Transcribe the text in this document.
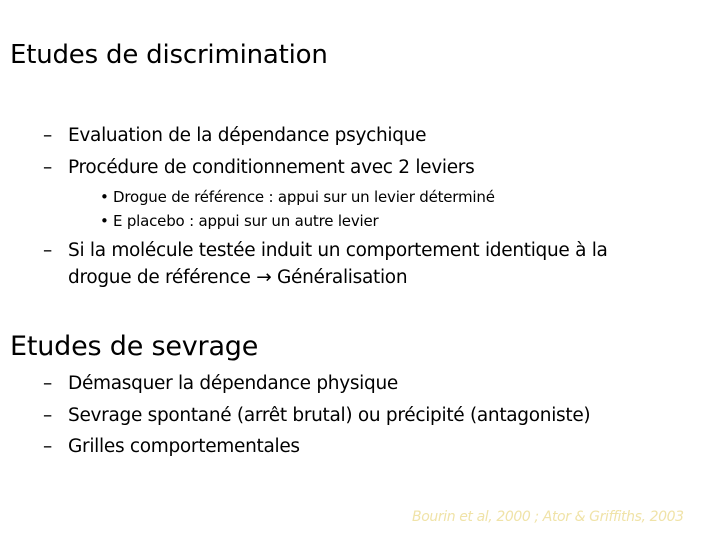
Etudes de discrimination
– Evaluation de la dépendance psychique
– Procédure de conditionnement avec 2 leviers
• Drogue de référence : appui sur un levier déterminé
• E placebo : appui sur un autre levier
– Si la molécule testée induit un comportement identique à la
drogue de référence → Généralisation
Etudes de sevrage
– Démasquer la dépendance physique
– Sevrage spontané (arrêt brutal) ou précipité (antagoniste)
– Grilles comportementales
Bourin et al, 2000 ; Ator & Griffiths, 2003
